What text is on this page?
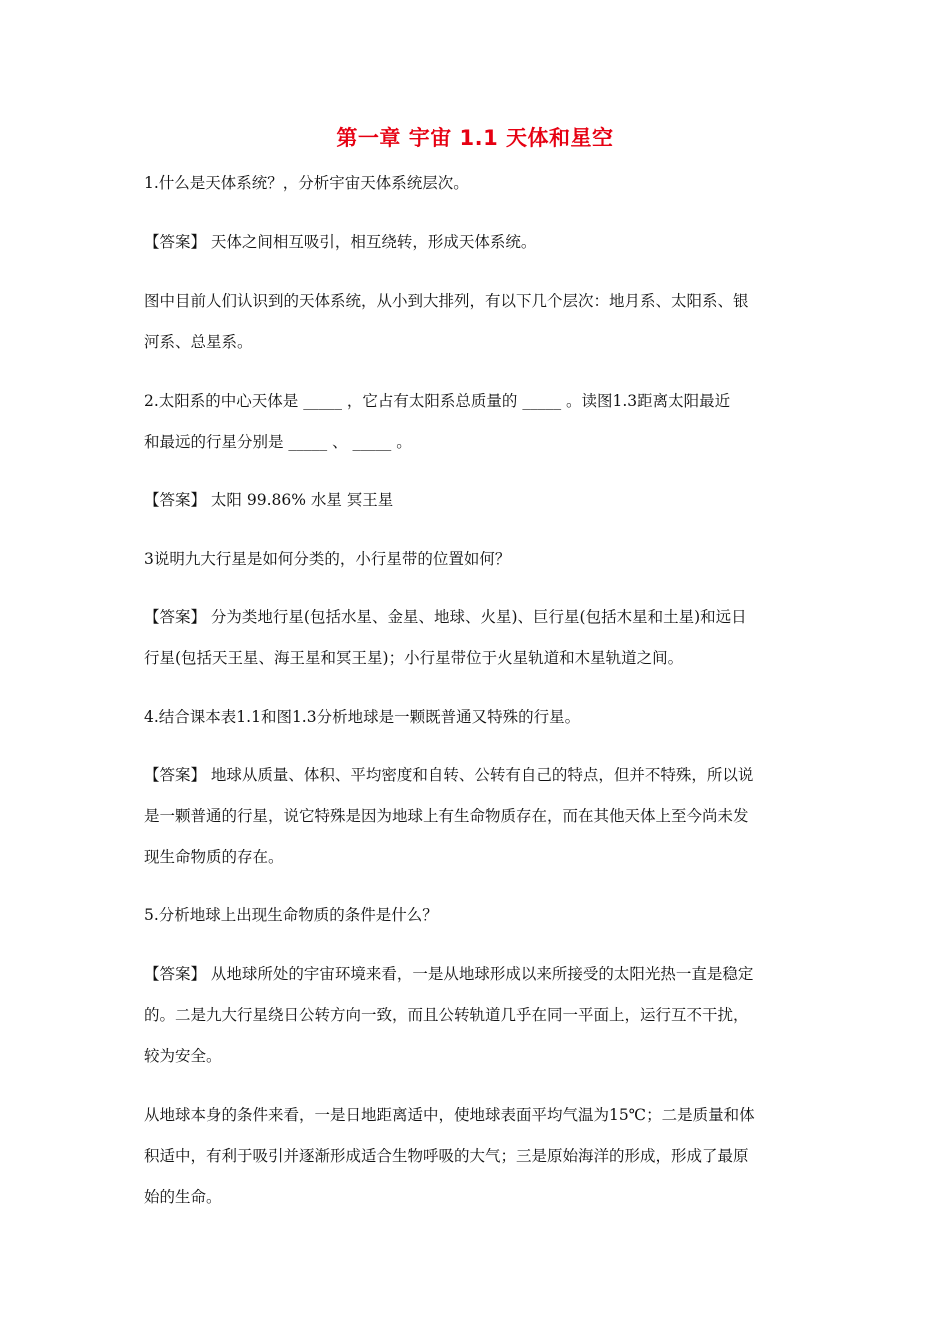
第一章 宇宙 1.1 天体和星空
1.什么是天体系统？，分析宇宙天体系统层次。
【答案】 天体之间相互吸引，相互绕转，形成天体系统。
图中目前人们认识到的天体系统，从小到大排列，有以下几个层次：地月系、太阳系、银
河系、总星系。
2.太阳系的中心天体是 _____ ，它占有太阳系总质量的 _____ 。读图1.3距离太阳最近
和最远的行星分别是 _____ 、 _____ 。
【答案】 太阳 99.86% 水星 冥王星
3说明九大行星是如何分类的，小行星带的位置如何？
【答案】 分为类地行星(包括水星、金星、地球、火星)、巨行星(包括木星和土星)和远日
行星(包括天王星、海王星和冥王星)；小行星带位于火星轨道和木星轨道之间。
4.结合课本表1.1和图1.3分析地球是一颗既普通又特殊的行星。
【答案】 地球从质量、体积、平均密度和自转、公转有自己的特点，但并不特殊，所以说
是一颗普通的行星，说它特殊是因为地球上有生命物质存在，而在其他天体上至今尚未发
现生命物质的存在。
5.分析地球上出现生命物质的条件是什么？
【答案】 从地球所处的宇宙环境来看，一是从地球形成以来所接受的太阳光热一直是稳定
的。二是九大行星绕日公转方向一致，而且公转轨道几乎在同一平面上，运行互不干扰，
较为安全。
从地球本身的条件来看，一是日地距离适中，使地球表面平均气温为15℃；二是质量和体
积适中，有利于吸引并逐渐形成适合生物呼吸的大气；三是原始海洋的形成，形成了最原
始的生命。
